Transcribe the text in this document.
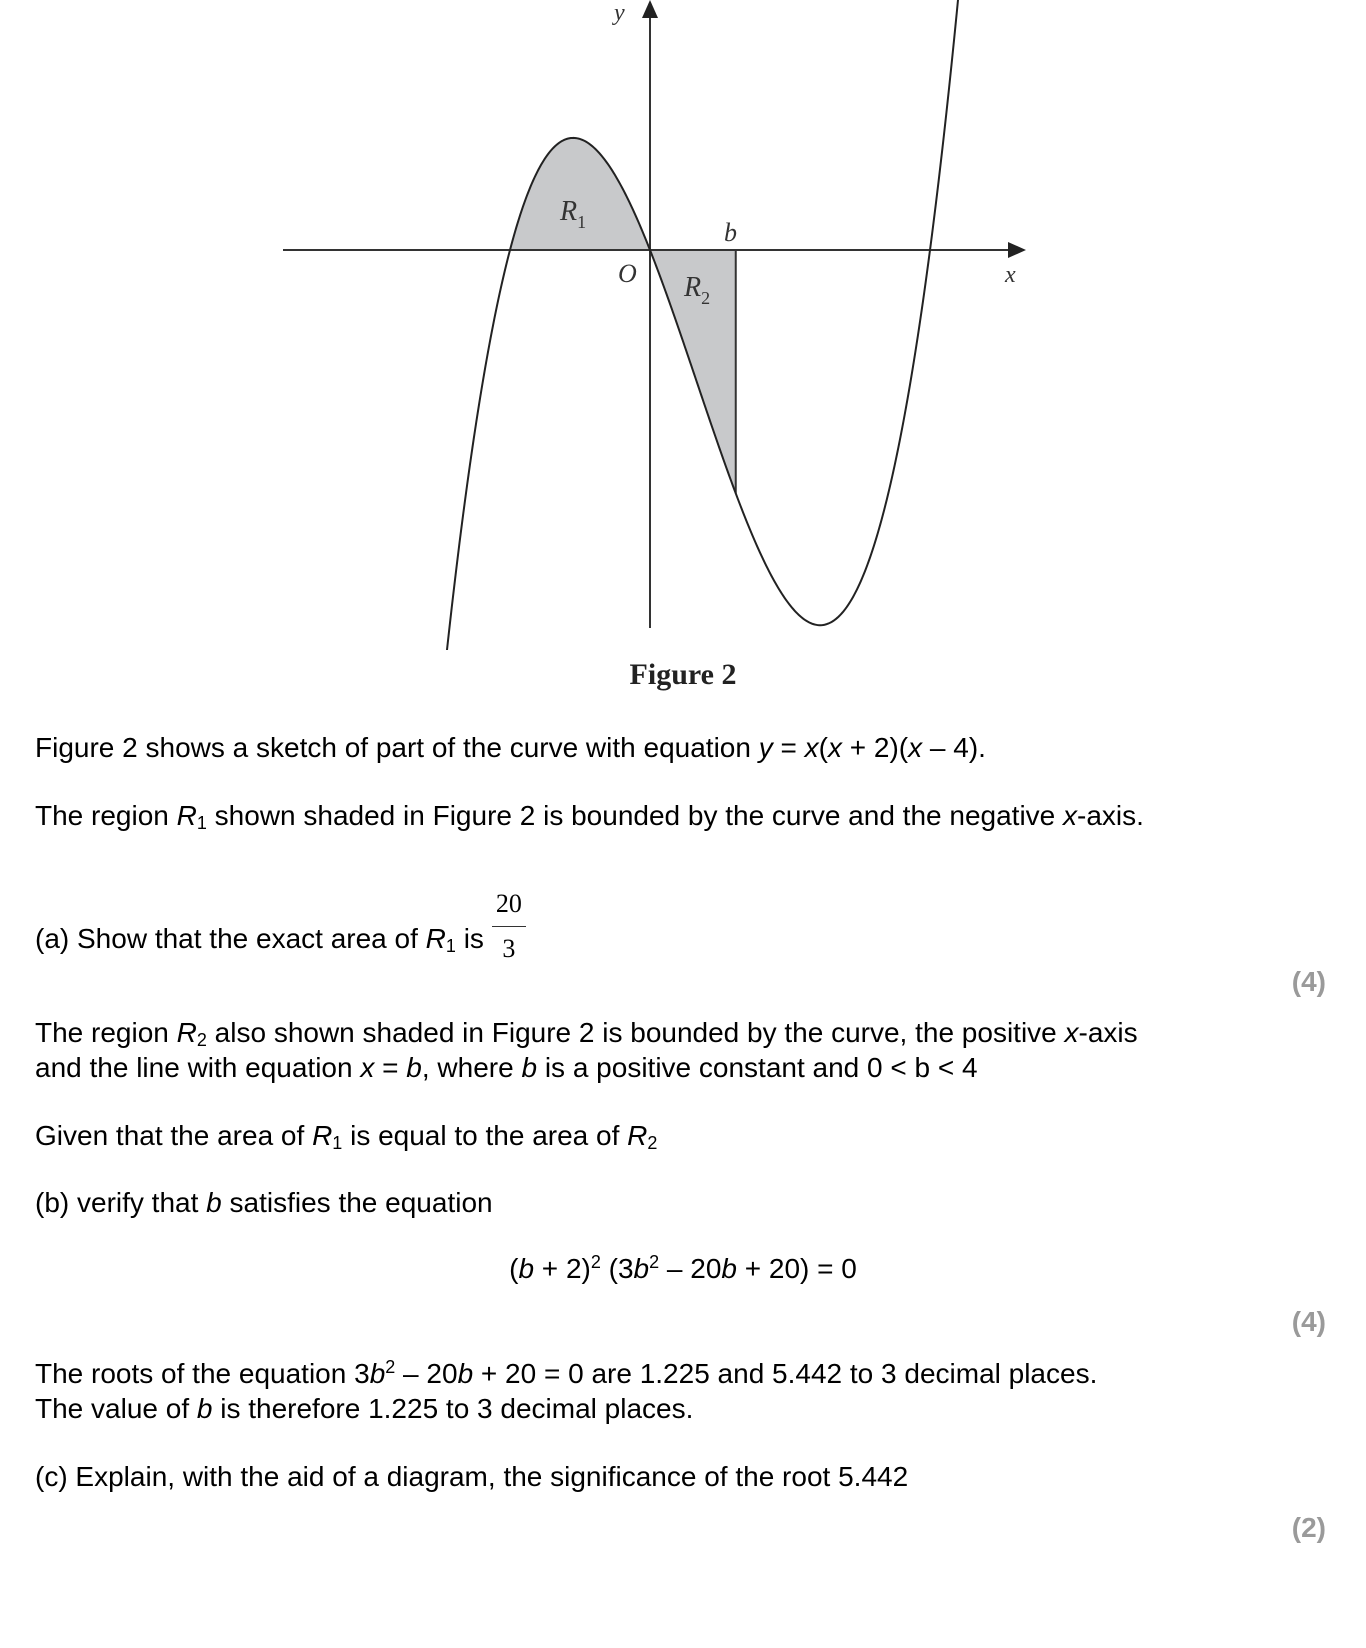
y
x
O
b
$R_1$
$R_2$
Figure 2
Figure 2 shows a sketch of part of the curve with equation y = x(x + 2)(x – 4).
The region $R_1$ shown shaded in Figure 2 is bounded by the curve and the negative x-axis.
(a) Show that the exact area of $R_1$ is $\frac{20}{3}$
(4)
The region $R_2$ also shown shaded in Figure 2 is bounded by the curve, the positive x-axis
and the line with equation x = b, where b is a positive constant and 0 < b < 4
Given that the area of $R_1$ is equal to the area of $R_2$
(b) verify that b satisfies the equation
$(b + 2)^2$ $(3b^2 - 20b + 20) = 0$
(4)
The roots of the equation $3b^2 - 20b + 20 = 0$ are 1.225 and 5.442 to 3 decimal places.
The value of b is therefore 1.225 to 3 decimal places.
(c) Explain, with the aid of a diagram, the significance of the root 5.442
(2)
